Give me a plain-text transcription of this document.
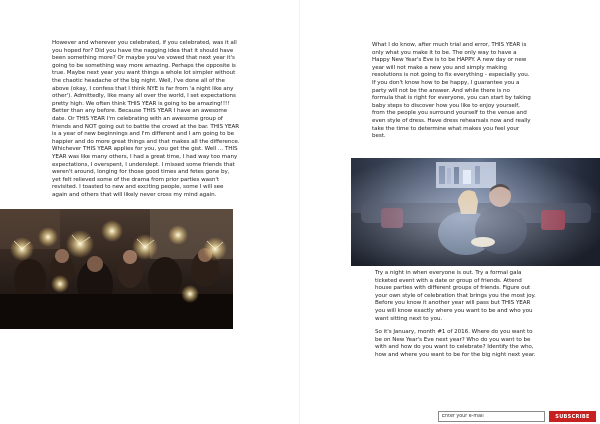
However and wherever you celebrated, if you celebrated, was it all you hoped for? Did you have the nagging idea that it should have been something more? Or maybe you've vowed that next year it's going to be something way more amazing. Perhaps the opposite is true. Maybe next year you want things a whole lot simpler without the chaotic headache of the big night. Well, I've done all of the above (okay, I confess that I think NYE is far from 'a night like any other'). Admittedly, like many all over the world, I set expectations pretty high. We often think THIS YEAR is going to be amazing!!!! Better than any before. Because THIS YEAR I have an awesome date. Or THIS YEAR I'm celebrating with an awesome group of friends and NOT going out to battle the crowd at the bar. THIS YEAR is a year of new beginnings and I'm different and I am going to be happier and do more great things and that makes all the difference. Whichever THIS YEAR applies for you, you get the gist. Well ... THIS YEAR was like many others, I had a great time, I had way too many expectations, I overspent, I underslept. I missed some friends that weren't around, longing for those good times and fetes gone by, yet felt relieved some of the drama from prior parties wasn't revisited. I toasted to new and exciting people, some I will see again and others that will likely never cross my mind again.

What I do know, after much trial and error, THIS YEAR is only what you make it to be. The only way to have a Happy New Year's Eve is to be HAPPY. A new day or new year will not make a new you and simply making resolutions is not going to fix everything - especially you. If you don't know how to be happy, I guarantee you a party will not be the answer. And while there is no formula that is right for everyone, you can start by taking baby steps to discover how you like to enjoy yourself, from the people you surround yourself to the venue and even style of dress. Have dress rehearsals now and really take the time to determine what makes you feel your best.

Try a night in when everyone is out. Try a formal gala ticketed event with a date or group of friends. Attend house parties with different groups of friends. Figure out your own style of celebration that brings you the most joy. Before you know it another year will pass but THIS YEAR you will know exactly where you want to be and who you want sitting next to you.

So it's January, month #1 of 2016. Where do you want to be on New Year's Eve next year? Who do you want to be with and how do you want to celebrate? Identify the who, how and where you want to be for the big night next year.

Enter your e-mail
SUBSCRIBE
